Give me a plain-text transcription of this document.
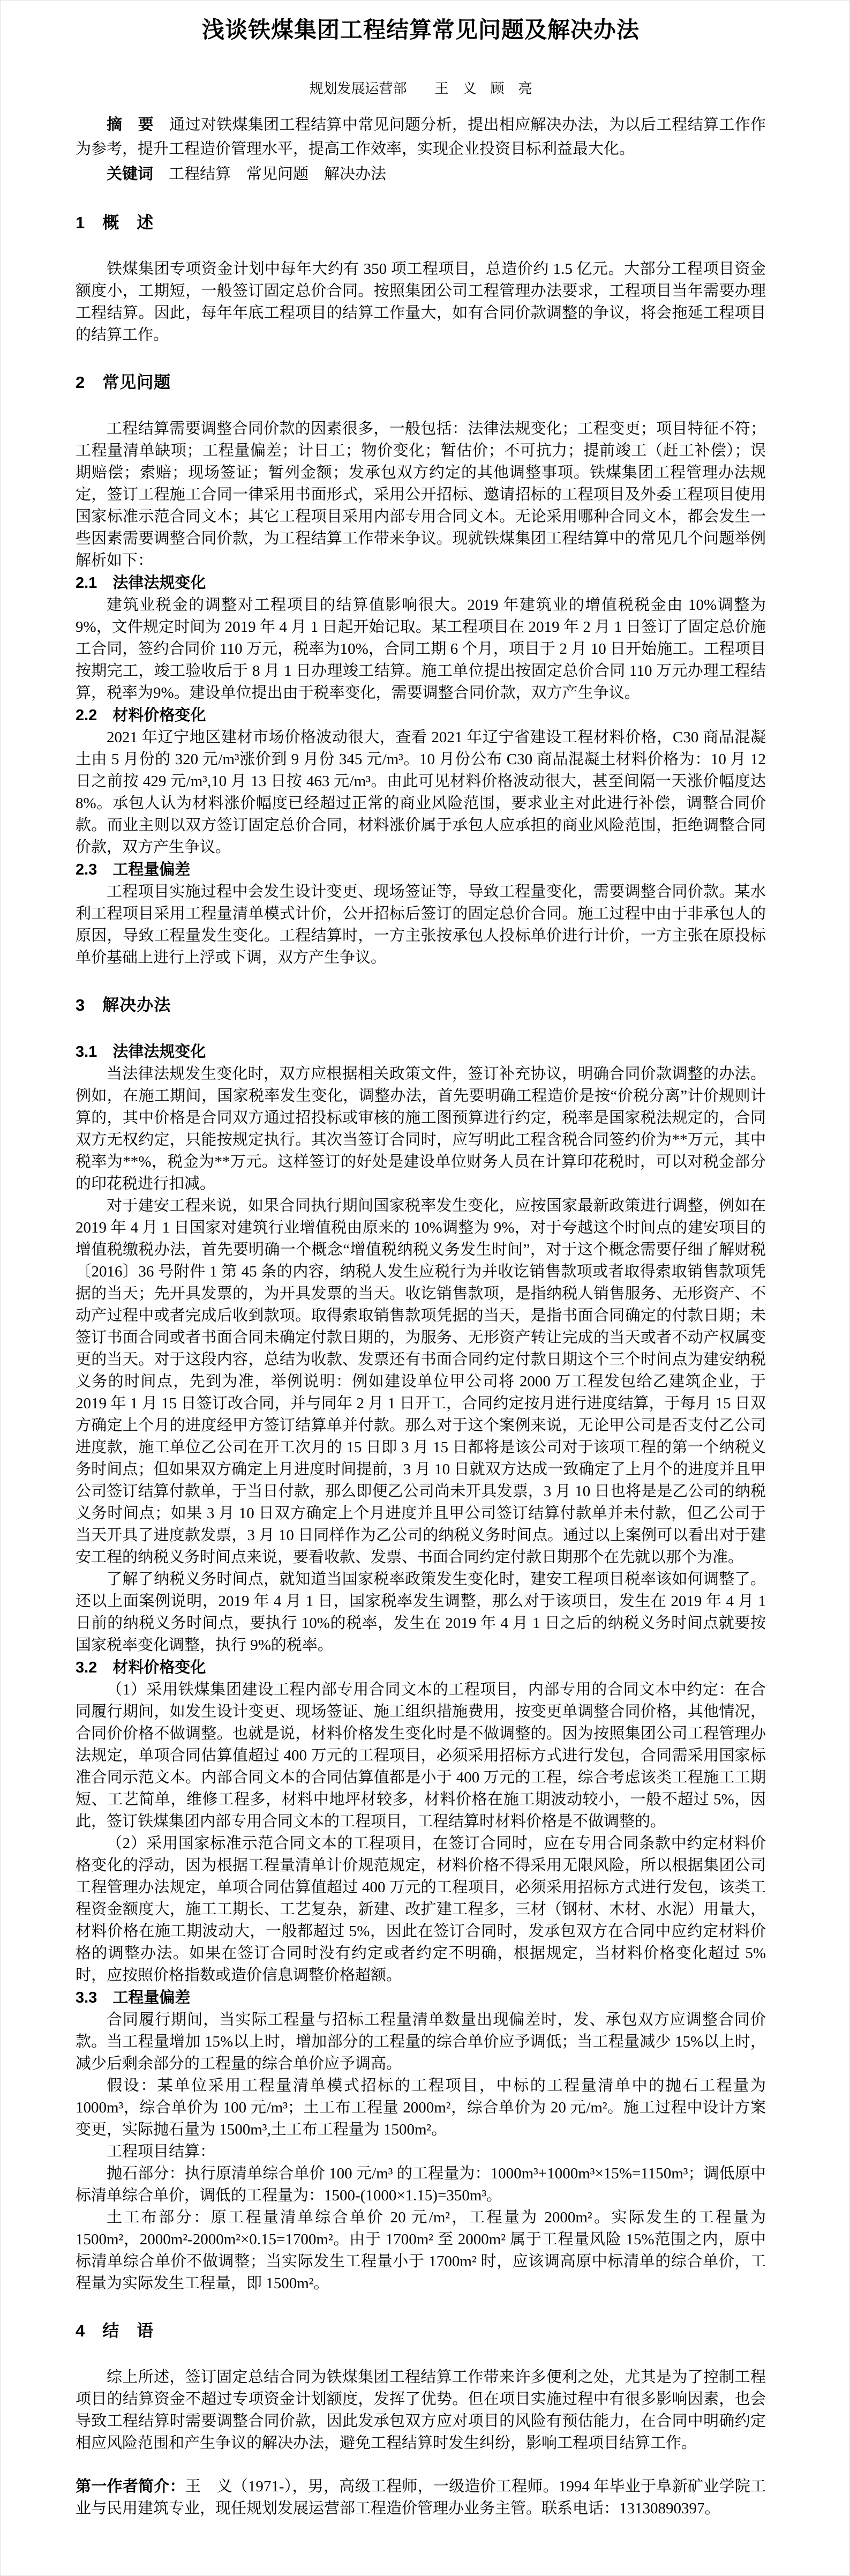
浅谈铁煤集团工程结算常见问题及解决办法

规划发展运营部　　王　义　顾　亮

摘　要　通过对铁煤集团工程结算中常见问题分析，提出相应解决办法，为以后工程结算工作作为参考，提升工程造价管理水平，提高工作效率，实现企业投资目标利益最大化。

关键词　工程结算　常见问题　解决办法

1　概　述

铁煤集团专项资金计划中每年大约有 350 项工程项目，总造价约 1.5 亿元。大部分工程项目资金额度小，工期短，一般签订固定总价合同。按照集团公司工程管理办法要求，工程项目当年需要办理工程结算。因此，每年年底工程项目的结算工作量大，如有合同价款调整的争议，将会拖延工程项目的结算工作。

2　常见问题

工程结算需要调整合同价款的因素很多，一般包括：法律法规变化；工程变更；项目特征不符；工程量清单缺项；工程量偏差；计日工；物价变化；暂估价；不可抗力；提前竣工（赶工补偿）；误期赔偿；索赔；现场签证；暂列金额；发承包双方约定的其他调整事项。铁煤集团工程管理办法规定，签订工程施工合同一律采用书面形式，采用公开招标、邀请招标的工程项目及外委工程项目使用国家标准示范合同文本；其它工程项目采用内部专用合同文本。无论采用哪种合同文本，都会发生一些因素需要调整合同价款，为工程结算工作带来争议。现就铁煤集团工程结算中的常见几个问题举例解析如下：

2.1　法律法规变化

建筑业税金的调整对工程项目的结算值影响很大。2019 年建筑业的增值税税金由 10%调整为 9%，文件规定时间为 2019 年 4 月 1 日起开始记取。某工程项目在 2019 年 2 月 1 日签订了固定总价施工合同，签约合同价 110 万元，税率为10%，合同工期 6 个月，项目于 2 月 10 日开始施工。工程项目按期完工，竣工验收后于 8 月 1 日办理竣工结算。施工单位提出按固定总价合同 110 万元办理工程结算，税率为9%。建设单位提出由于税率变化，需要调整合同价款，双方产生争议。

2.2　材料价格变化

2021 年辽宁地区建材市场价格波动很大，查看 2021 年辽宁省建设工程材料价格，C30 商品混凝土由 5 月份的 320 元/m³涨价到 9 月份 345 元/m³。10 月份公布 C30 商品混凝土材料价格为：10 月 12 日之前按 429 元/m³,10 月 13 日按 463 元/m³。由此可见材料价格波动很大，甚至间隔一天涨价幅度达 8%。承包人认为材料涨价幅度已经超过正常的商业风险范围，要求业主对此进行补偿，调整合同价款。而业主则以双方签订固定总价合同，材料涨价属于承包人应承担的商业风险范围，拒绝调整合同价款，双方产生争议。

2.3　工程量偏差

工程项目实施过程中会发生设计变更、现场签证等，导致工程量变化，需要调整合同价款。某水利工程项目采用工程量清单模式计价，公开招标后签订的固定总价合同。施工过程中由于非承包人的原因，导致工程量发生变化。工程结算时，一方主张按承包人投标单价进行计价，一方主张在原投标单价基础上进行上浮或下调，双方产生争议。

3　解决办法
3.1　法律法规变化

当法律法规发生变化时，双方应根据相关政策文件，签订补充协议，明确合同价款调整的办法。例如，在施工期间，国家税率发生变化，调整办法，首先要明确工程造价是按“价税分离”计价规则计算的，其中价格是合同双方通过招投标或审核的施工图预算进行约定，税率是国家税法规定的，合同双方无权约定，只能按规定执行。其次当签订合同时，应写明此工程含税合同签约价为**万元，其中税率为**%，税金为**万元。这样签订的好处是建设单位财务人员在计算印花税时，可以对税金部分的印花税进行扣减。

对于建安工程来说，如果合同执行期间国家税率发生变化，应按国家最新政策进行调整，例如在 2019 年 4 月 1 日国家对建筑行业增值税由原来的 10%调整为 9%，对于夸越这个时间点的建安项目的增值税缴税办法，首先要明确一个概念“增值税纳税义务发生时间”，对于这个概念需要仔细了解财税〔2016〕36 号附件 1 第 45 条的内容，纳税人发生应税行为并收讫销售款项或者取得索取销售款项凭据的当天；先开具发票的，为开具发票的当天。收讫销售款项，是指纳税人销售服务、无形资产、不动产过程中或者完成后收到款项。取得索取销售款项凭据的当天，是指书面合同确定的付款日期；未签订书面合同或者书面合同未确定付款日期的，为服务、无形资产转让完成的当天或者不动产权属变更的当天。对于这段内容，总结为收款、发票还有书面合同约定付款日期这个三个时间点为建安纳税义务的时间点，先到为准，举例说明：例如建设单位甲公司将 2000 万工程发包给乙建筑企业，于 2019 年 1 月 15 日签订改合同，并与同年 2 月 1 日开工，合同约定按月进行进度结算，于每月 15 日双方确定上个月的进度经甲方签订结算单并付款。那么对于这个案例来说，无论甲公司是否支付乙公司进度款，施工单位乙公司在开工次月的 15 日即 3 月 15 日都将是该公司对于该项工程的第一个纳税义务时间点；但如果双方确定上月进度时间提前，3 月 10 日就双方达成一致确定了上月个的进度并且甲公司签订结算付款单，于当日付款，那么即便乙公司尚未开具发票，3 月 10 日也将是是乙公司的纳税义务时间点；如果 3 月 10 日双方确定上个月进度并且甲公司签订结算付款单并未付款，但乙公司于当天开具了进度款发票，3 月 10 日同样作为乙公司的纳税义务时间点。通过以上案例可以看出对于建安工程的纳税义务时间点来说，要看收款、发票、书面合同约定付款日期那个在先就以那个为准。

了解了纳税义务时间点，就知道当国家税率政策发生变化时，建安工程项目税率该如何调整了。还以上面案例说明，2019 年 4 月 1 日，国家税率发生调整，那么对于该项目，发生在 2019 年 4 月 1 日前的纳税义务时间点，要执行 10%的税率，发生在 2019 年 4 月 1 日之后的纳税义务时间点就要按国家税率变化调整，执行 9%的税率。

3.2　材料价格变化

（1）采用铁煤集团建设工程内部专用合同文本的工程项目，内部专用的合同文本中约定：在合同履行期间，如发生设计变更、现场签证、施工组织措施费用，按变更单调整合同价格，其他情况，合同价价格不做调整。也就是说，材料价格发生变化时是不做调整的。因为按照集团公司工程管理办法规定，单项合同估算值超过 400 万元的工程项目，必须采用招标方式进行发包，合同需采用国家标准合同示范文本。内部合同文本的合同估算值都是小于 400 万元的工程，综合考虑该类工程施工工期短、工艺简单，维修工程多，材料中地坪材较多，材料价格在施工期波动较小，一般不超过 5%，因此，签订铁煤集团内部专用合同文本的工程项目，工程结算时材料价格是不做调整的。

（2）采用国家标准示范合同文本的工程项目，在签订合同时，应在专用合同条款中约定材料价格变化的浮动，因为根据工程量清单计价规范规定，材料价格不得采用无限风险，所以根据集团公司工程管理办法规定，单项合同估算值超过 400 万元的工程项目，必须采用招标方式进行发包，该类工程资金额度大，施工工期长、工艺复杂，新建、改扩建工程多，三材（钢材、木材、水泥）用量大，材料价格在施工期波动大，一般都超过 5%，因此在签订合同时，发承包双方在合同中应约定材料价格的调整办法。如果在签订合同时没有约定或者约定不明确，根据规定，当材料价格变化超过 5%时，应按照价格指数或造价信息调整价格超额。

3.3　工程量偏差

合同履行期间，当实际工程量与招标工程量清单数量出现偏差时，发、承包双方应调整合同价款。当工程量增加 15%以上时，增加部分的工程量的综合单价应予调低；当工程量减少 15%以上时，减少后剩余部分的工程量的综合单价应予调高。

假设：某单位采用工程量清单模式招标的工程项目，中标的工程量清单中的抛石工程量为 1000m³，综合单价为 100 元/m³；土工布工程量 2000m²，综合单价为 20 元/m²。施工过程中设计方案变更，实际抛石量为 1500m³,土工布工程量为 1500m²。

工程项目结算：

抛石部分：执行原清单综合单价 100 元/m³ 的工程量为：1000m³+1000m³×15%=1150m³；调低原中标清单综合单价，调低的工程量为：1500-(1000×1.15)=350m³。

土工布部分：原工程量清单综合单价 20 元/m²，工程量为 2000m²。实际发生的工程量为 1500m²，2000m²-2000m²×0.15=1700m²。由于 1700m² 至 2000m² 属于工程量风险 15%范围之内，原中标清单综合单价不做调整；当实际发生工程量小于 1700m² 时，应该调高原中标清单的综合单价，工程量为实际发生工程量，即 1500m²。

4　结　语

综上所述，签订固定总结合同为铁煤集团工程结算工作带来许多便利之处，尤其是为了控制工程项目的结算资金不超过专项资金计划额度，发挥了优势。但在项目实施过程中有很多影响因素，也会导致工程结算时需要调整合同价款，因此发承包双方应对项目的风险有预估能力，在合同中明确约定相应风险范围和产生争议的解决办法，避免工程结算时发生纠纷，影响工程项目结算工作。

第一作者简介：王　义（1971-），男，高级工程师，一级造价工程师。1994 年毕业于阜新矿业学院工业与民用建筑专业，现任规划发展运营部工程造价管理办业务主管。联系电话：13130890397。
